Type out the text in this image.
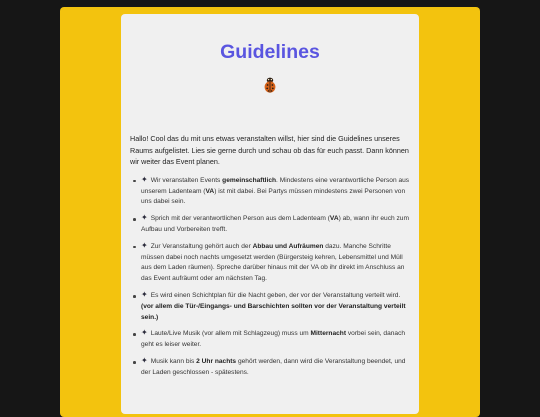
Guidelines

Hallo! Cool das du mit uns etwas veranstalten willst, hier sind die Guidelines unseres Raums aufgelistet. Lies sie gerne durch und schau ob das für euch passt. Dann können wir weiter das Event planen.

✦ Wir veranstalten Events gemeinschaftlich. Mindestens eine verantwortliche Person aus unserem Ladenteam (VA) ist mit dabei. Bei Partys müssen mindestens zwei Personen von uns dabei sein.
✦ Sprich mit der verantwortlichen Person aus dem Ladenteam (VA) ab, wann ihr euch zum Aufbau und Vorbereiten trefft.
✦ Zur Veranstaltung gehört auch der Abbau und Aufräumen dazu. Manche Schritte müssen dabei noch nachts umgesetzt werden (Bürgersteig kehren, Lebensmittel und Müll aus dem Laden räumen). Spreche darüber hinaus mit der VA ob ihr direkt im Anschluss an das Event aufräumt oder am nächsten Tag.
✦ Es wird einen Schichtplan für die Nacht geben, der vor der Veranstaltung verteilt wird. (vor allem die Tür-/Eingangs- und Barschichten sollten vor der Veranstaltung verteilt sein.)
✦ Laute/Live Musik (vor allem mit Schlagzeug) muss um Mitternacht vorbei sein, danach geht es leiser weiter.
✦ Musik kann bis 2 Uhr nachts gehört werden, dann wird die Veranstaltung beendet, und der Laden geschlossen - spätestens.
